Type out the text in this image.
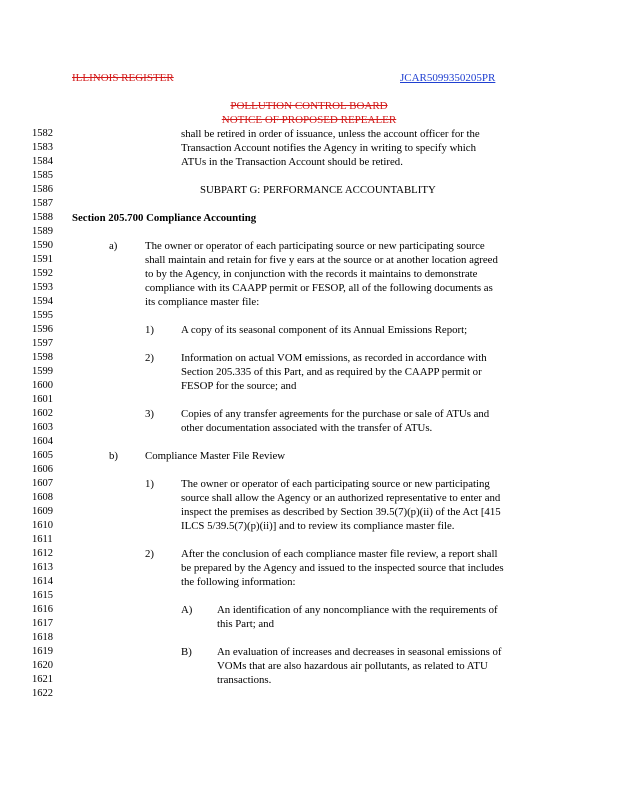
ILLINOIS REGISTER	JCAR5099350205PR
POLLUTION CONTROL BOARD
NOTICE OF PROPOSED REPEALER
1582
1583
1584
1585
1586
1587
1588
1589
1590
1591
1592
1593
1594
1595
1596
1597
1598
1599
1600
1601
1602
1603
1604
1605
1606
1607
1608
1609
1610
1611
1612
1613
1614
1615
1616
1617
1618
1619
1620
1621
1622
shall be retired in order of issuance, unless the account officer for the
Transaction Account notifies the Agency in writing to specify which
ATUs in the Transaction Account should be retired.
SUBPART G: PERFORMANCE ACCOUNTABLITY
Section 205.700 Compliance Accounting
a)	The owner or operator of each participating source or new participating source
shall maintain and retain for five y ears at the source or at another location agreed
to by the Agency, in conjunction with the records it maintains to demonstrate
compliance with its CAAPP permit or FESOP, all of the following documents as
its compliance master file:
1)	A copy of its seasonal component of its Annual Emissions Report;
2)	Information on actual VOM emissions, as recorded in accordance with
Section 205.335 of this Part, and as required by the CAAPP permit or
FESOP for the source; and
3)	Copies of any transfer agreements for the purchase or sale of ATUs and
other documentation associated with the transfer of ATUs.
b)	Compliance Master File Review
1)	The owner or operator of each participating source or new participating
source shall allow the Agency or an authorized representative to enter and
inspect the premises as described by Section 39.5(7)(p)(ii) of the Act [415
ILCS 5/39.5(7)(p)(ii)] and to review its compliance master file.
2)	After the conclusion of each compliance master file review, a report shall
be prepared by the Agency and issued to the inspected source that includes
the following information:
A) An identification of any noncompliance with the requirements of
this Part; and
B) An evaluation of increases and decreases in seasonal emissions of
VOMs that are also hazardous air pollutants, as related to ATU
transactions.
